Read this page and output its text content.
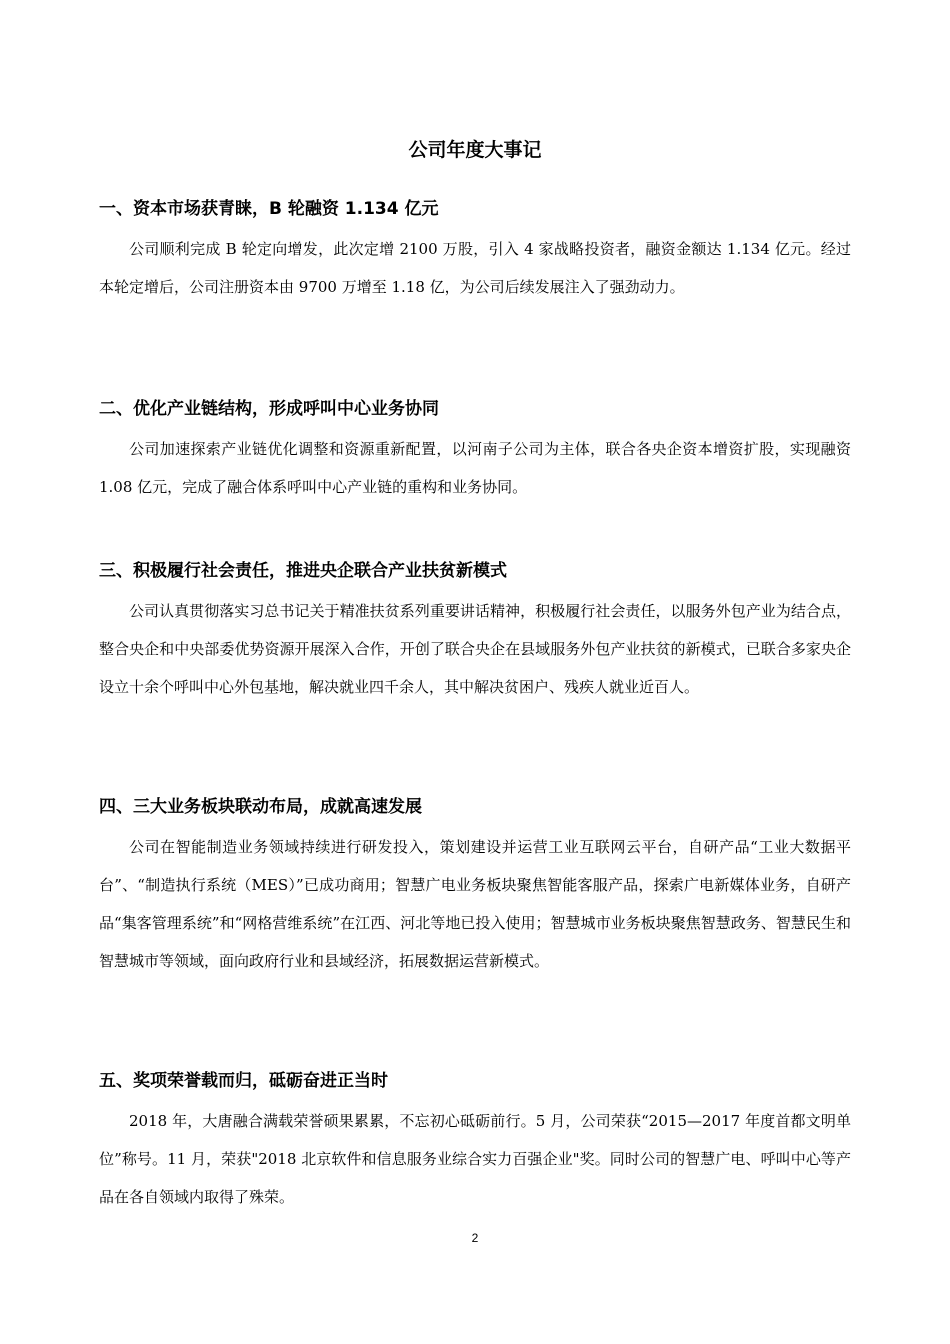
公司年度大事记
一、资本市场获青睐，B 轮融资 1.134 亿元

公司顺利完成 B 轮定向增发，此次定增 2100 万股，引入 4 家战略投资者，融资金额达 1.134 亿元。经过本轮定增后，公司注册资本由 9700 万增至 1.18 亿，为公司后续发展注入了强劲动力。

二、优化产业链结构，形成呼叫中心业务协同

公司加速探索产业链优化调整和资源重新配置，以河南子公司为主体，联合各央企资本增资扩股，实现融资 1.08 亿元，完成了融合体系呼叫中心产业链的重构和业务协同。

三、积极履行社会责任，推进央企联合产业扶贫新模式

公司认真贯彻落实习总书记关于精准扶贫系列重要讲话精神，积极履行社会责任，以服务外包产业为结合点，整合央企和中央部委优势资源开展深入合作，开创了联合央企在县域服务外包产业扶贫的新模式，已联合多家央企设立十余个呼叫中心外包基地，解决就业四千余人，其中解决贫困户、残疾人就业近百人。

四、三大业务板块联动布局，成就高速发展

公司在智能制造业务领域持续进行研发投入，策划建设并运营工业互联网云平台，自研产品“工业大数据平台”、“制造执行系统（MES）”已成功商用；智慧广电业务板块聚焦智能客服产品，探索广电新媒体业务，自研产品“集客管理系统”和“网格营维系统”在江西、河北等地已投入使用；智慧城市业务板块聚焦智慧政务、智慧民生和智慧城市等领域，面向政府行业和县域经济，拓展数据运营新模式。

五、奖项荣誉载而归，砥砺奋进正当时

2018 年，大唐融合满载荣誉硕果累累，不忘初心砥砺前行。5 月，公司荣获“2015—2017 年度首都文明单位”称号。11 月，荣获"2018 北京软件和信息服务业综合实力百强企业"奖。同时公司的智慧广电、呼叫中心等产品在各自领域内取得了殊荣。

2
